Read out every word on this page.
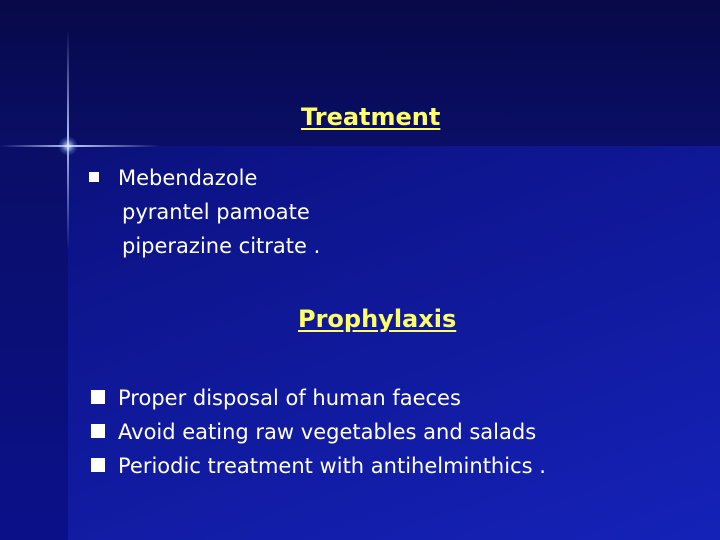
Treatment
Mebendazole
pyrantel pamoate
piperazine citrate .
Prophylaxis
Proper disposal of human faeces
Avoid eating raw vegetables and salads
Periodic treatment with antihelminthics .
